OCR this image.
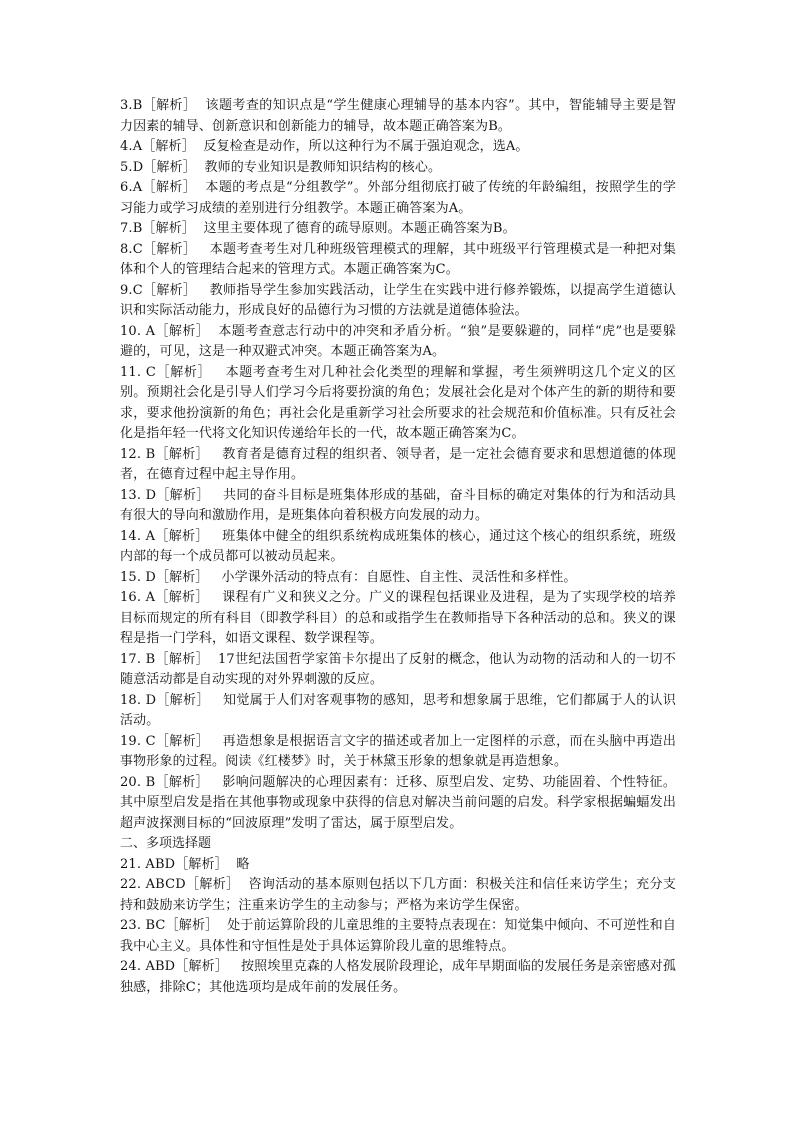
3.B［解析］ 该题考查的知识点是“学生健康心理辅导的基本内容”。其中，智能辅导主要是智力因素的辅导、创新意识和创新能力的辅导，故本题正确答案为B。

4.A［解析］ 反复检查是动作，所以这种行为不属于强迫观念，选A。

5.D［解析］ 教师的专业知识是教师知识结构的核心。

6.A［解析］ 本题的考点是“分组教学”。外部分组彻底打破了传统的年龄编组，按照学生的学习能力或学习成绩的差别进行分组教学。本题正确答案为A。

7.B［解析］ 这里主要体现了德育的疏导原则。本题正确答案为B。

8.C［解析］   本题考查考生对几种班级管理模式的理解，其中班级平行管理模式是一种把对集体和个人的管理结合起来的管理方式。本题正确答案为C。

9.C［解析］   教师指导学生参加实践活动，让学生在实践中进行修养锻炼，以提高学生道德认识和实际活动能力，形成良好的品德行为习惯的方法就是道德体验法。

10. A［解析］ 本题考查意志行动中的冲突和矛盾分析。“狼”是要躲避的，同样“虎”也是要躲避的，可见，这是一种双避式冲突。本题正确答案为A。

11. C［解析］   本题考查考生对几种社会化类型的理解和掌握，考生须辨明这几个定义的区别。预期社会化是引导人们学习今后将要扮演的角色；发展社会化是对个体产生的新的期待和要求，要求他扮演新的角色；再社会化是重新学习社会所要求的社会规范和价值标准。只有反社会化是指年轻一代将文化知识传递给年长的一代，故本题正确答案为C。

12. B［解析］   教育者是德育过程的组织者、领导者，是一定社会德育要求和思想道德的体现者，在德育过程中起主导作用。

13. D［解析］   共同的奋斗目标是班集体形成的基础，奋斗目标的确定对集体的行为和活动具有很大的导向和激励作用，是班集体向着积极方向发展的动力。

14. A［解析］   班集体中健全的组织系统构成班集体的核心，通过这个核心的组织系统，班级内部的每一个成员都可以被动员起来。

15. D［解析］   小学课外活动的特点有：自愿性、自主性、灵活性和多样性。

16. A［解析］   课程有广义和狭义之分。广义的课程包括课业及进程，是为了实现学校的培养目标而规定的所有科目（即教学科目）的总和或指学生在教师指导下各种活动的总和。狭义的课程是指一门学科，如语文课程、数学课程等。

17. B［解析］ 17世纪法国哲学家笛卡尔提出了反射的概念，他认为动物的活动和人的一切不随意活动都是自动实现的对外界刺激的反应。

18. D［解析］   知觉属于人们对客观事物的感知，思考和想象属于思维，它们都属于人的认识活动。

19. C［解析］   再造想象是根据语言文字的描述或者加上一定图样的示意，而在头脑中再造出事物形象的过程。阅读《红楼梦》时，关于林黛玉形象的想象就是再造想象。

20. B［解析］   影响问题解决的心理因素有：迁移、原型启发、定势、功能固着、个性特征。其中原型启发是指在其他事物或现象中获得的信息对解决当前问题的启发。科学家根据蝙蝠发出超声波探测目标的“回波原理”发明了雷达，属于原型启发。

二、多项选择题

21. ABD［解析］ 略

22. ABCD［解析］ 咨询活动的基本原则包括以下几方面：积极关注和信任来访学生；充分支持和鼓励来访学生；注重来访学生的主动参与；严格为来访学生保密。

23. BC［解析］ 处于前运算阶段的儿童思维的主要特点表现在：知觉集中倾向、不可逆性和自我中心主义。具体性和守恒性是处于具体运算阶段儿童的思维特点。

24. ABD［解析］   按照埃里克森的人格发展阶段理论，成年早期面临的发展任务是亲密感对孤独感，排除C；其他选项均是成年前的发展任务。
